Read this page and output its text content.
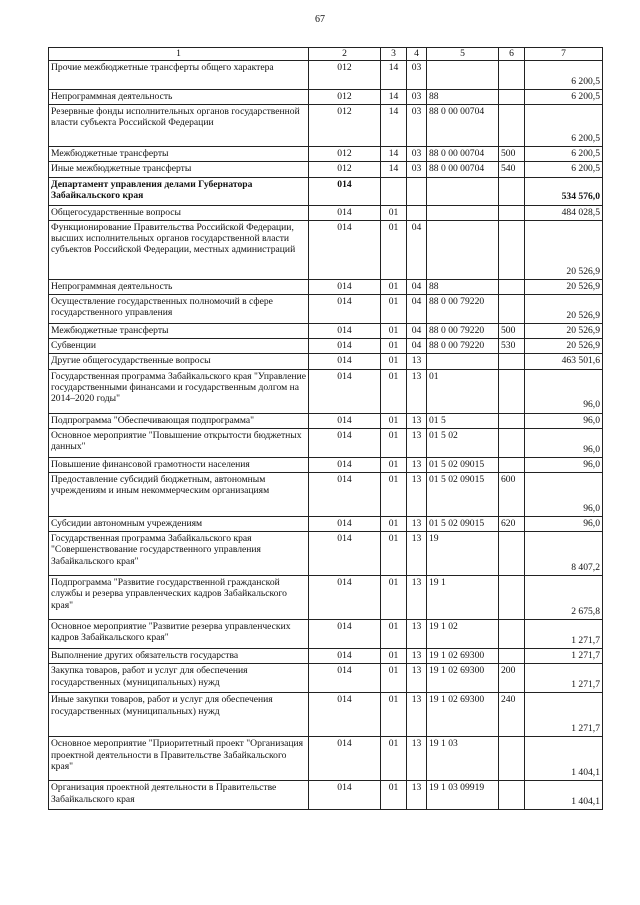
67
1	2	3	4	5	6	7
Прочие межбюджетные трансферты общего характера	012	14	03			6 200,5
Непрограммная деятельность	012	14	03	88		6 200,5
Резервные фонды исполнительных органов государственной власти субъекта Российской Федерации	012	14	03	88 0 00 00704		6 200,5
Межбюджетные трансферты	012	14	03	88 0 00 00704	500	6 200,5
Иные межбюджетные трансферты	012	14	03	88 0 00 00704	540	6 200,5
Департамент управления делами Губернатора Забайкальского края	014					534 576,0
Общегосударственные вопросы	014	01				484 028,5
Функционирование Правительства Российской Федерации, высших исполнительных органов государственной власти субъектов Российской Федерации, местных администраций	014	01	04			20 526,9
Непрограммная деятельность	014	01	04	88		20 526,9
Осуществление государственных полномочий в сфере государственного управления	014	01	04	88 0 00 79220		20 526,9
Межбюджетные трансферты	014	01	04	88 0 00 79220	500	20 526,9
Субвенции	014	01	04	88 0 00 79220	530	20 526,9
Другие общегосударственные вопросы	014	01	13			463 501,6
Государственная программа Забайкальского края "Управление государственными финансами и государственным долгом на 2014–2020 годы"	014	01	13	01		96,0
Подпрограмма "Обеспечивающая подпрограмма"	014	01	13	01 5		96,0
Основное мероприятие "Повышение открытости бюджетных данных"	014	01	13	01 5 02		96,0
Повышение финансовой грамотности населения	014	01	13	01 5 02 09015		96,0
Предоставление субсидий бюджетным, автономным учреждениям и иным некоммерческим организациям	014	01	13	01 5 02 09015	600	96,0
Субсидии автономным учреждениям	014	01	13	01 5 02 09015	620	96,0
Государственная программа Забайкальского края "Совершенствование государственного управления Забайкальского края"	014	01	13	19		8 407,2
Подпрограмма "Развитие государственной гражданской службы и резерва управленческих кадров Забайкальского края"	014	01	13	19 1		2 675,8
Основное мероприятие "Развитие резерва управленческих кадров Забайкальского края"	014	01	13	19 1 02		1 271,7
Выполнение других обязательств государства	014	01	13	19 1 02 69300		1 271,7
Закупка товаров, работ и услуг для обеспечения государственных (муниципальных) нужд	014	01	13	19 1 02 69300	200	1 271,7
Иные закупки товаров, работ и услуг для обеспечения государственных (муниципальных) нужд	014	01	13	19 1 02 69300	240	1 271,7
Основное мероприятие "Приоритетный проект "Организация проектной деятельности в Правительстве Забайкальского края"	014	01	13	19 1 03		1 404,1
Организация проектной деятельности в Правительстве Забайкальского края	014	01	13	19 1 03 09919		1 404,1
